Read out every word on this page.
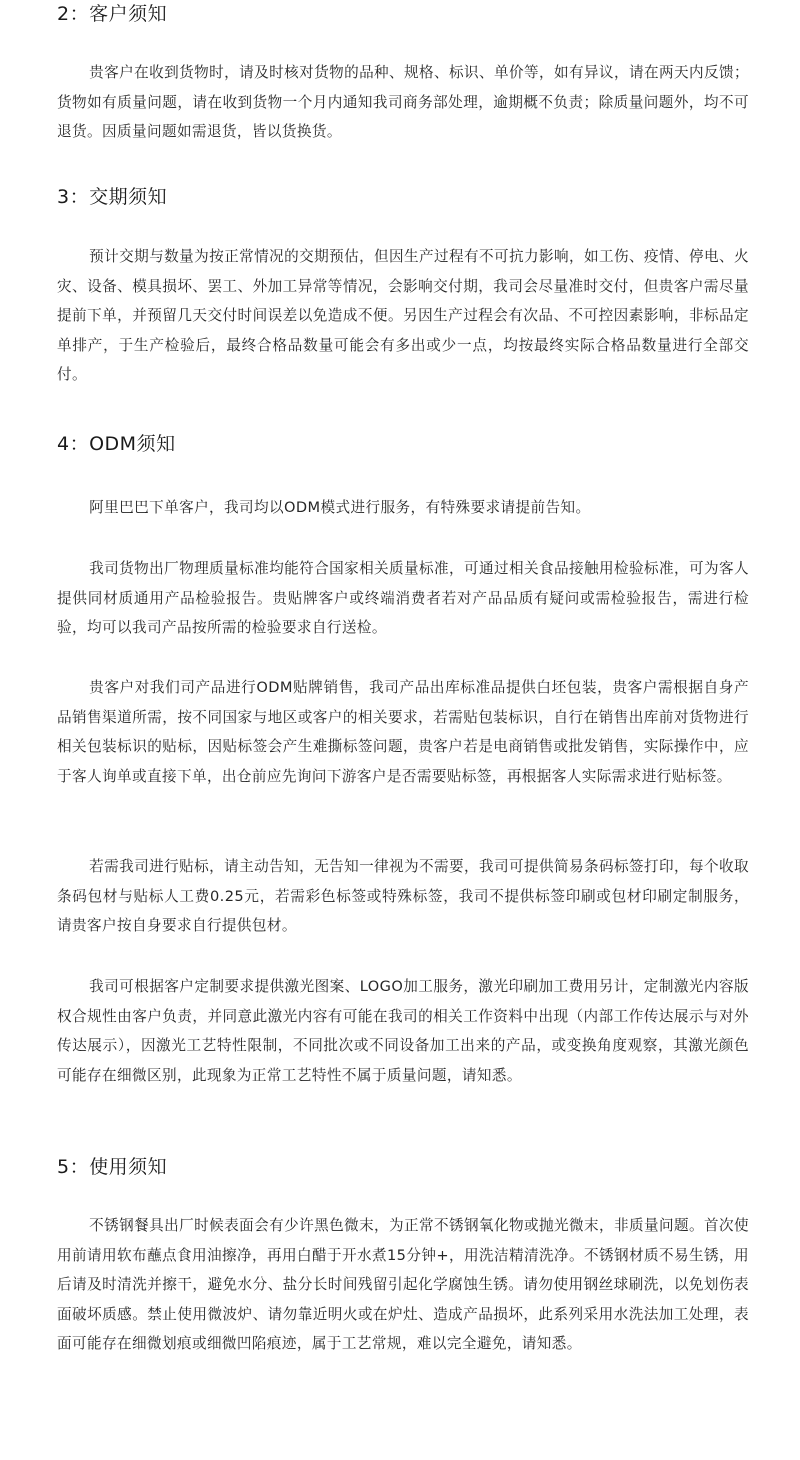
2：客户须知

贵客户在收到货物时，请及时核对货物的品种、规格、标识、单价等，如有异议，请在两天内反馈；货物如有质量问题，请在收到货物一个月内通知我司商务部处理，逾期概不负责；除质量问题外，均不可退货。因质量问题如需退货，皆以货换货。

3：交期须知

预计交期与数量为按正常情况的交期预估，但因生产过程有不可抗力影响，如工伤、疫情、停电、火灾、设备、模具损坏、罢工、外加工异常等情况，会影响交付期，我司会尽量准时交付，但贵客户需尽量提前下单，并预留几天交付时间误差以免造成不便。另因生产过程会有次品、不可控因素影响，非标品定单排产，于生产检验后，最终合格品数量可能会有多出或少一点，均按最终实际合格品数量进行全部交付。

4：ODM须知

阿里巴巴下单客户，我司均以ODM模式进行服务，有特殊要求请提前告知。

我司货物出厂物理质量标准均能符合国家相关质量标准，可通过相关食品接触用检验标准，可为客人提供同材质通用产品检验报告。贵贴牌客户或终端消费者若对产品品质有疑问或需检验报告，需进行检验，均可以我司产品按所需的检验要求自行送检。

贵客户对我们司产品进行ODM贴牌销售，我司产品出库标准品提供白坯包装，贵客户需根据自身产品销售渠道所需，按不同国家与地区或客户的相关要求，若需贴包装标识，自行在销售出库前对货物进行相关包装标识的贴标，因贴标签会产生难撕标签问题，贵客户若是电商销售或批发销售，实际操作中，应于客人询单或直接下单，出仓前应先询问下游客户是否需要贴标签，再根据客人实际需求进行贴标签。

若需我司进行贴标，请主动告知，无告知一律视为不需要，我司可提供简易条码标签打印，每个收取条码包材与贴标人工费0.25元，若需彩色标签或特殊标签，我司不提供标签印刷或包材印刷定制服务，请贵客户按自身要求自行提供包材。

我司可根据客户定制要求提供激光图案、LOGO加工服务，激光印刷加工费用另计，定制激光内容版权合规性由客户负责，并同意此激光内容有可能在我司的相关工作资料中出现（内部工作传达展示与对外传达展示），因激光工艺特性限制，不同批次或不同设备加工出来的产品，或变换角度观察，其激光颜色可能存在细微区别，此现象为正常工艺特性不属于质量问题，请知悉。

5：使用须知

不锈钢餐具出厂时候表面会有少许黑色微末，为正常不锈钢氧化物或抛光微末，非质量问题。首次使用前请用软布蘸点食用油擦净，再用白醋于开水煮15分钟+，用洗洁精清洗净。不锈钢材质不易生锈，用后请及时清洗并擦干，避免水分、盐分长时间残留引起化学腐蚀生锈。请勿使用钢丝球刷洗，以免划伤表面破坏质感。禁止使用微波炉、请勿靠近明火或在炉灶、造成产品损坏，此系列采用水洗法加工处理，表面可能存在细微划痕或细微凹陷痕迹，属于工艺常规，难以完全避免，请知悉。
